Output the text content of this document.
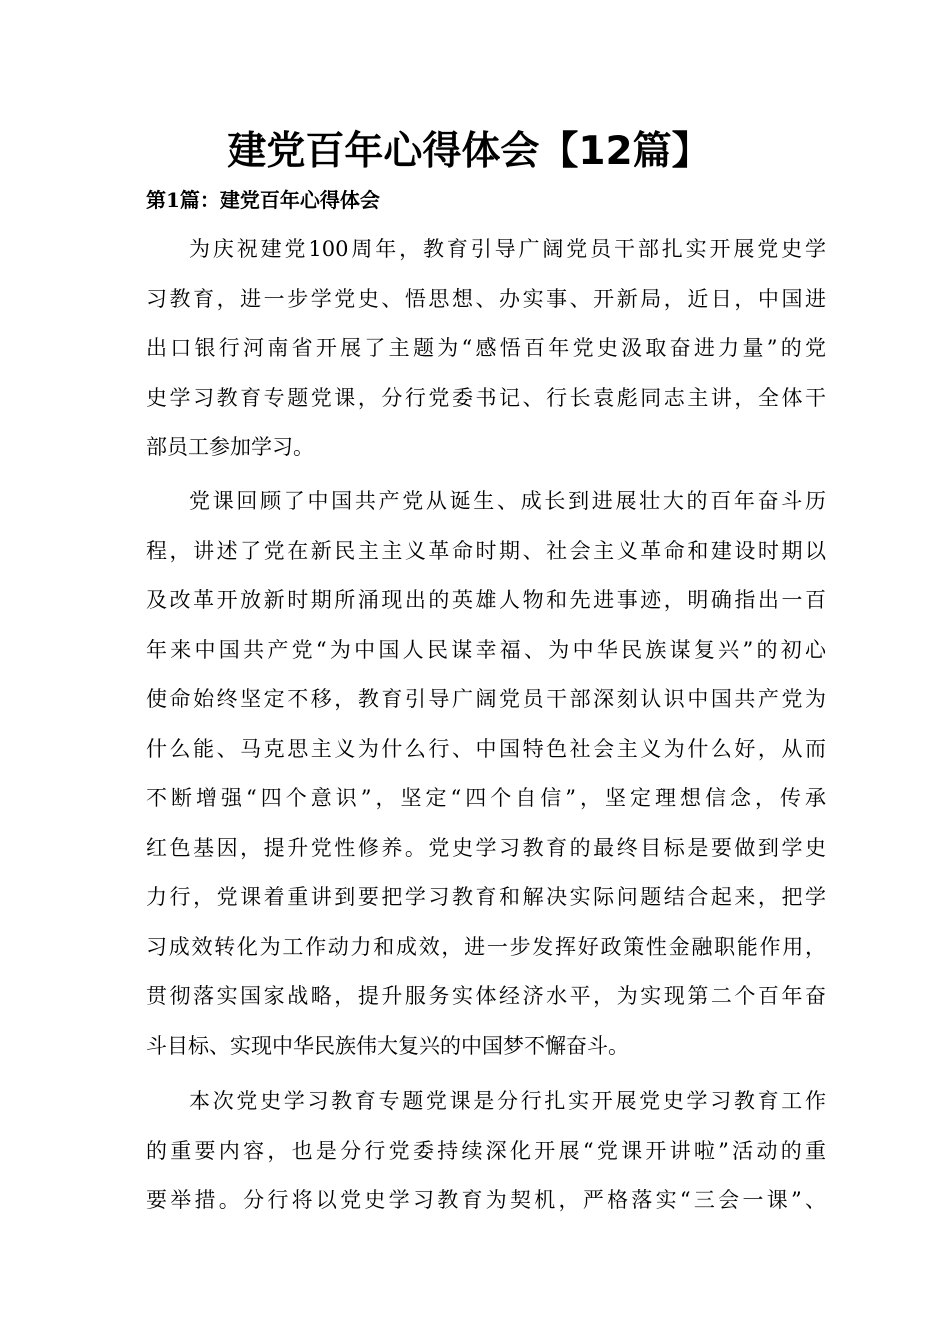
建党百年心得体会【12篇】
第1篇：建党百年心得体会
为庆祝建党100周年，教育引导广阔党员干部扎实开展党史学
习教育，进一步学党史、悟思想、办实事、开新局，近日，中国进
出口银行河南省开展了主题为“感悟百年党史汲取奋进力量”的党
史学习教育专题党课，分行党委书记、行长袁彪同志主讲，全体干
部员工参加学习。
党课回顾了中国共产党从诞生、成长到进展壮大的百年奋斗历
程，讲述了党在新民主主义革命时期、社会主义革命和建设时期以
及改革开放新时期所涌现出的英雄人物和先进事迹，明确指出一百
年来中国共产党“为中国人民谋幸福、为中华民族谋复兴”的初心
使命始终坚定不移，教育引导广阔党员干部深刻认识中国共产党为
什么能、马克思主义为什么行、中国特色社会主义为什么好，从而
不断增强“四个意识”，坚定“四个自信”，坚定理想信念，传承
红色基因，提升党性修养。党史学习教育的最终目标是要做到学史
力行，党课着重讲到要把学习教育和解决实际问题结合起来，把学
习成效转化为工作动力和成效，进一步发挥好政策性金融职能作用，
贯彻落实国家战略，提升服务实体经济水平，为实现第二个百年奋
斗目标、实现中华民族伟大复兴的中国梦不懈奋斗。
本次党史学习教育专题党课是分行扎实开展党史学习教育工作
的重要内容，也是分行党委持续深化开展“党课开讲啦”活动的重
要举措。分行将以党史学习教育为契机，严格落实“三会一课”、
